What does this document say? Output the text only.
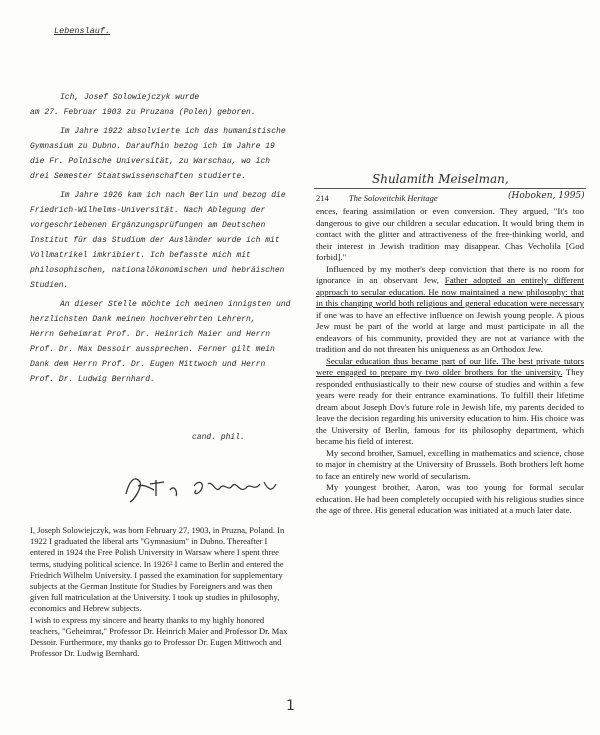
Lebenslauf.
Ich, Josef Solowiejczyk wurde
am 27. Februar 1903 zu Pruzana (Polen) geboren.
Im Jahre 1922 absolvierte ich das humanistische
Gymnasium zu Dubno. Daraufhin bezog ich im Jahre 19
die Fr. Polnische Universität, zu Warschau, wo ich
drei Semester Staatswissenschaften studierte.
Im Jahre 1926 kam ich nach Berlin und bezog die
Friedrich-Wilhelms-Universität. Nach Ablegung der
vorgeschriebenen Ergänzungsprüfungen am Deutschen
Institut für das Studium der Ausländer wurde ich mit
Vollmatrikel imkribiert. Ich befasste mich mit
philosophischen, nationalökonomischen und hebräischen
Studien.
An dieser Stelle möchte ich meinen innigsten und
herzlichsten Dank meinen hochverehrten Lehrern,
Herrn Geheimrat Prof. Dr. Heinrich Maier und Herrn
Prof. Dr. Max Dessoir aussprechen. Ferner gilt mein
Dank dem Herrn Prof. Dr. Eugen Mittwoch und Herrn
Prof. Dr. Ludwig Bernhard.
cand. phil.

I, Joseph Solowiejczyk, was born February 27, 1903, in Pruzna, Poland. In 1922 I graduated the liberal arts "Gymnasium" in Dubno. Thereafter I entered in 1924 the Free Polish University in Warsaw where I spent three terms, studying political science. In 1926² I came to Berlin and entered the Friedrich Wilhelm University. I passed the examination for supplementary subjects at the German Institute for Studies by Foreigners and was then given full matriculation at the University. I took up studies in philosophy, economics and Hebrew subjects.

I wish to express my sincere and hearty thanks to my highly honored teachers, "Geheimrat," Professor Dr. Heinrich Maier and Professor Dr. Max Dessoir. Furthermore, my thanks go to Professor Dr. Eugen Mittwoch and Professor Dr. Ludwig Bernhard.

Shulamith Meiselman,
214 The Soloveitchik Heritage	(Hoboken, 1995)

ences, fearing assimilation or even conversion. They argued, "It's too dangerous to give our children a secular education. It would bring them in contact with the glitter and attractiveness of the free-thinking world, and their interest in Jewish tradition may disappear. Chas Vecholila [God forbid]."

Influenced by my mother's deep conviction that there is no room for ignorance in an observant Jew, Father adopted an entirely different approach to secular education. He now maintained a new philosophy: that in this changing world both religious and general education were necessary if one was to have an effective influence on Jewish young people. A pious Jew must be part of the world at large and must participate in all the endeavors of his community, provided they are not at variance with the tradition and do not threaten his uniqueness as an Orthodox Jew.

Secular education thus became part of our life. The best private tutors were engaged to prepare my two older brothers for the university. They responded enthusiastically to their new course of studies and within a few years were ready for their entrance examinations. To fulfill their lifetime dream about Joseph Dov's future role in Jewish life, my parents decided to leave the decision regarding his university education to him. His choice was the University of Berlin, famous for its philosophy department, which became his field of interest.

My second brother, Samuel, excelling in mathematics and science, chose to major in chemistry at the University of Brussels. Both brothers left home to face an entirely new world of secularism.

My youngest brother, Aaron, was too young for formal secular education. He had been completely occupied with his religious studies since the age of three. His general education was initiated at a much later date.

1
